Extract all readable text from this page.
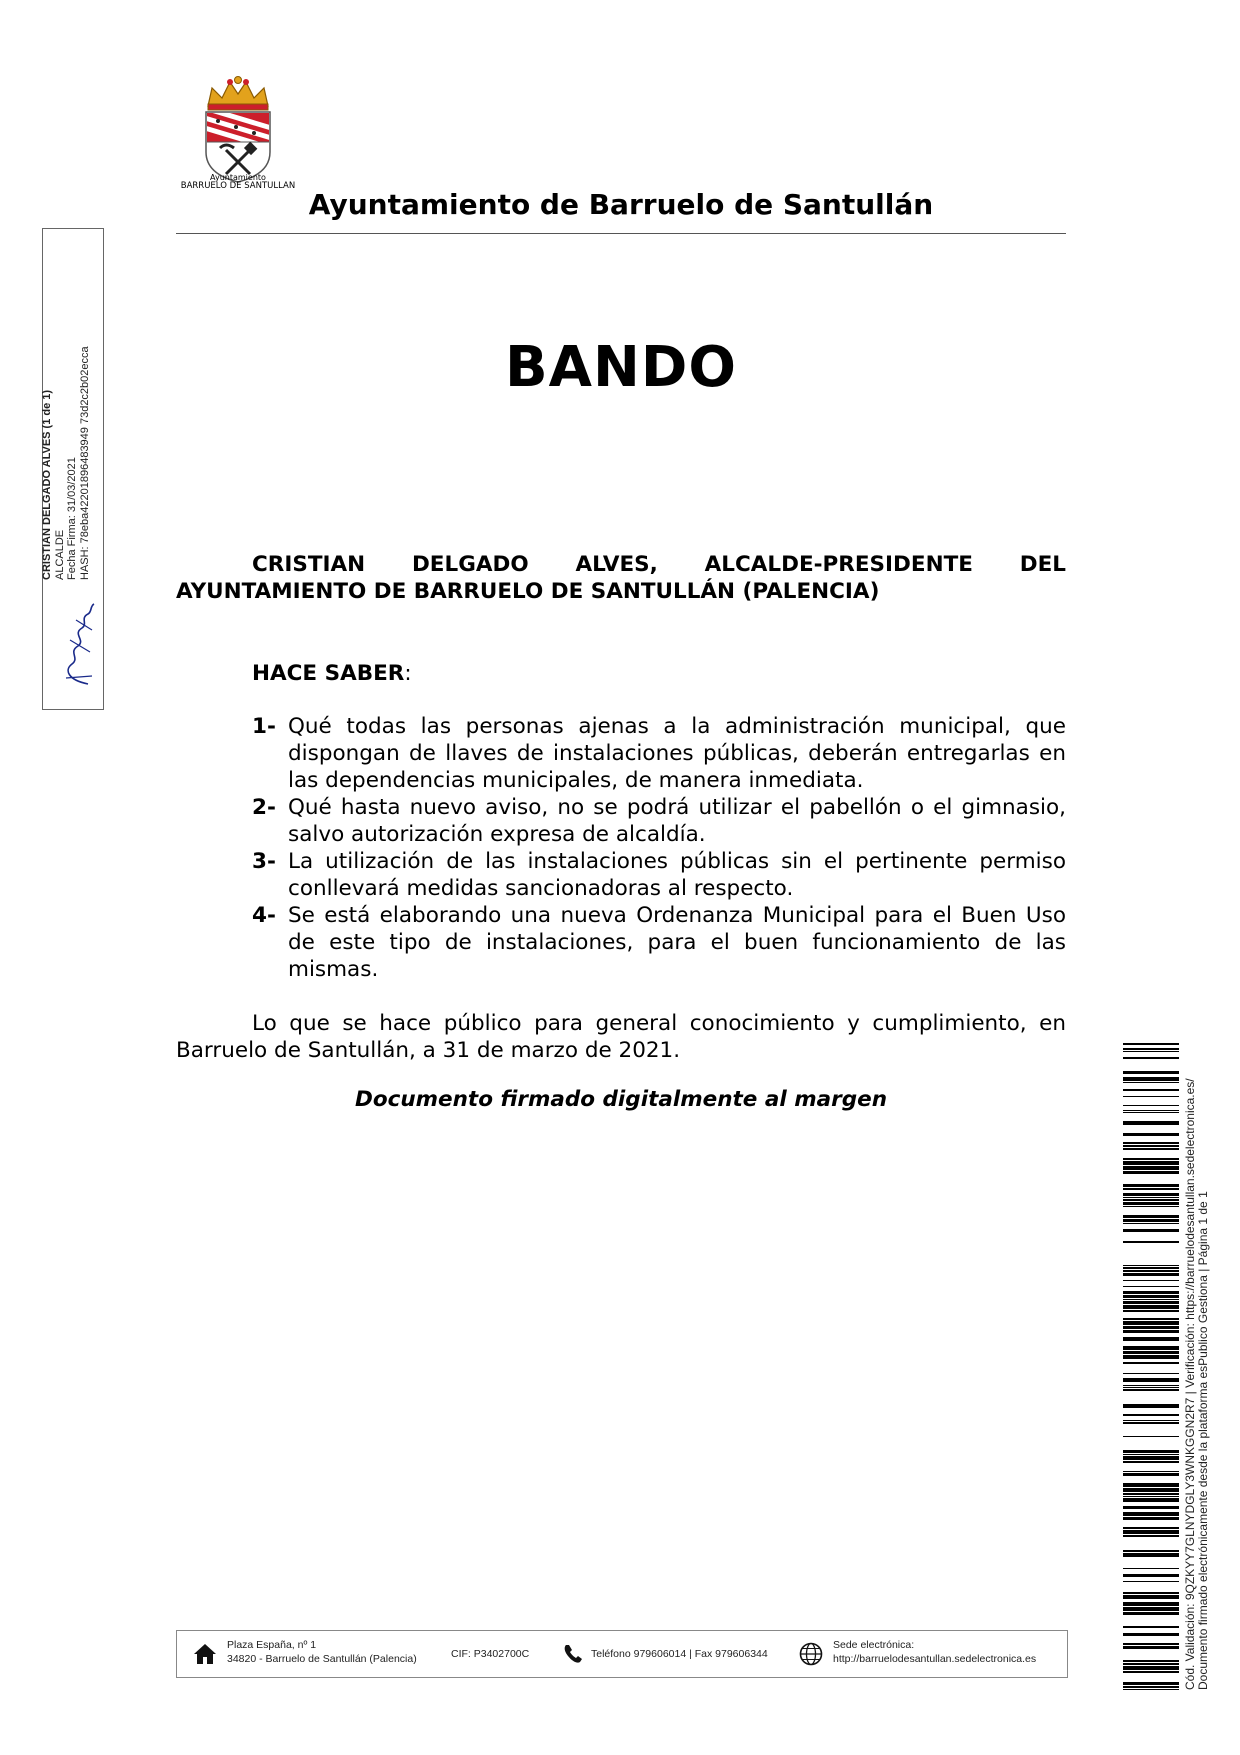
Ayuntamiento
BARRUELO DE SANTULLAN
Ayuntamiento de Barruelo de Santullán
BANDO
CRISTIAN DELGADO ALVES, ALCALDE-PRESIDENTE DEL AYUNTAMIENTO DE BARRUELO DE SANTULLÁN (PALENCIA)
HACE SABER:
1- Qué todas las personas ajenas a la administración municipal, que dispongan de llaves de instalaciones públicas, deberán entregarlas en las dependencias municipales, de manera inmediata.
2- Qué hasta nuevo aviso, no se podrá utilizar el pabellón o el gimnasio, salvo autorización expresa de alcaldía.
3- La utilización de las instalaciones públicas sin el pertinente permiso conllevará medidas sancionadoras al respecto.
4- Se está elaborando una nueva Ordenanza Municipal para el Buen Uso de este tipo de instalaciones, para el buen funcionamiento de las mismas.
Lo que se hace público para general conocimiento y cumplimiento, en Barruelo de Santullán, a 31 de marzo de 2021.
Documento firmado digitalmente al margen
CRISTIAN DELGADO ALVES (1 de 1) ALCALDE Fecha Firma: 31/03/2021 HASH: 78eba42201896483949 73d2c2b02ecca
Cód. Validación: 9QZKYY7GLNYDGLY3WNKGGN2R7 | Verificación: https://barruelodesantullan.sedelectronica.es/ Documento firmado electrónicamente desde la plataforma esPublico Gestiona | Página 1 de 1
Plaza España, nº 1
34820 - Barruelo de Santullán (Palencia)	CIF: P3402700C	Teléfono 979606014 | Fax 979606344
Sede electrónica:
http://barruelodesantullan.sedelectronica.es
